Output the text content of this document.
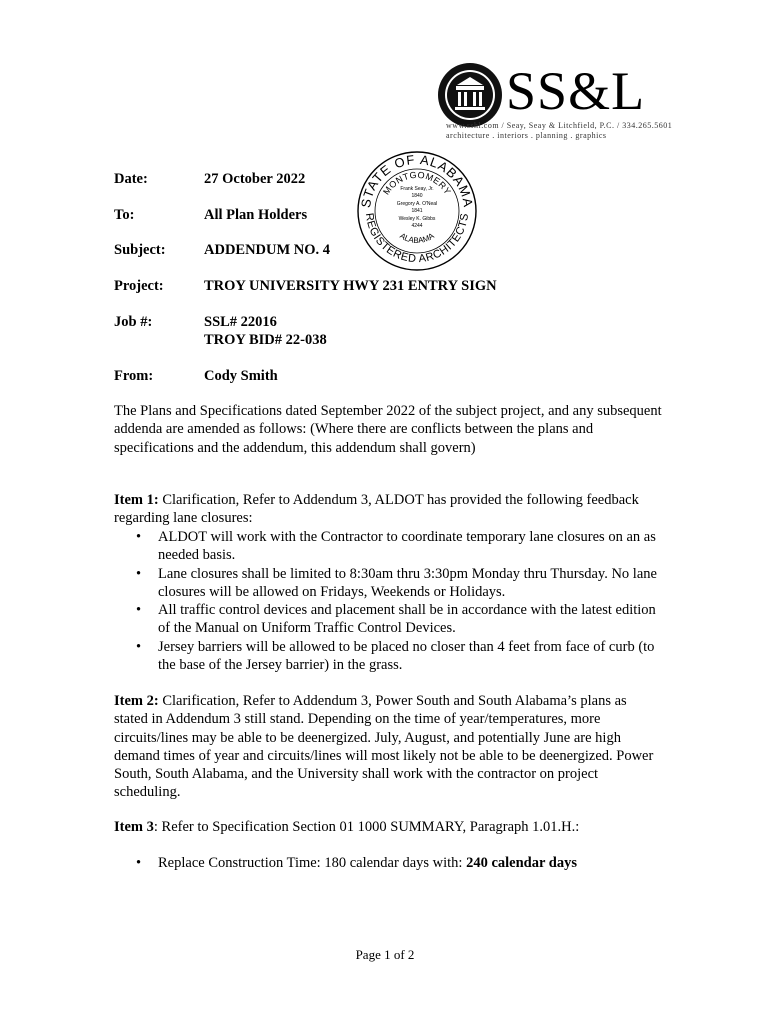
SS&L
www.sshl.com / Seay, Seay & Litchfield, P.C. / 334.265.5601
architecture . interiors . planning . graphics
STATE OF ALABAMA
MONTGOMERY
REGISTERED ARCHITECTS
ALABAMA
Frank Seay, Jr.
1840
Gregory A. O'Neal
1841
Wesley K. Gibbs
4244
Date:	27 October 2022
To:	All Plan Holders
Subject:	ADDENDUM NO. 4
Project:	TROY UNIVERSITY HWY 231 ENTRY SIGN
Job #:	SSL# 22016
TROY BID# 22-038
From:	Cody Smith
The Plans and Specifications dated September 2022 of the subject project, and any subsequent addenda are amended as follows: (Where there are conflicts between the plans and specifications and the addendum, this addendum shall govern)
Item 1: Clarification, Refer to Addendum 3, ALDOT has provided the following feedback regarding lane closures:
• ALDOT will work with the Contractor to coordinate temporary lane closures on an as needed basis.
• Lane closures shall be limited to 8:30am thru 3:30pm Monday thru Thursday. No lane closures will be allowed on Fridays, Weekends or Holidays.
• All traffic control devices and placement shall be in accordance with the latest edition of the Manual on Uniform Traffic Control Devices.
• Jersey barriers will be allowed to be placed no closer than 4 feet from face of curb (to the base of the Jersey barrier) in the grass.
Item 2: Clarification, Refer to Addendum 3, Power South and South Alabama’s plans as stated in Addendum 3 still stand. Depending on the time of year/temperatures, more circuits/lines may be able to be deenergized. July, August, and potentially June are high demand times of year and circuits/lines will most likely not be able to be deenergized. Power South, South Alabama, and the University shall work with the contractor on project scheduling.
Item 3: Refer to Specification Section 01 1000 SUMMARY, Paragraph 1.01.H.:
• Replace Construction Time: 180 calendar days with: 240 calendar days
Page 1 of 2
